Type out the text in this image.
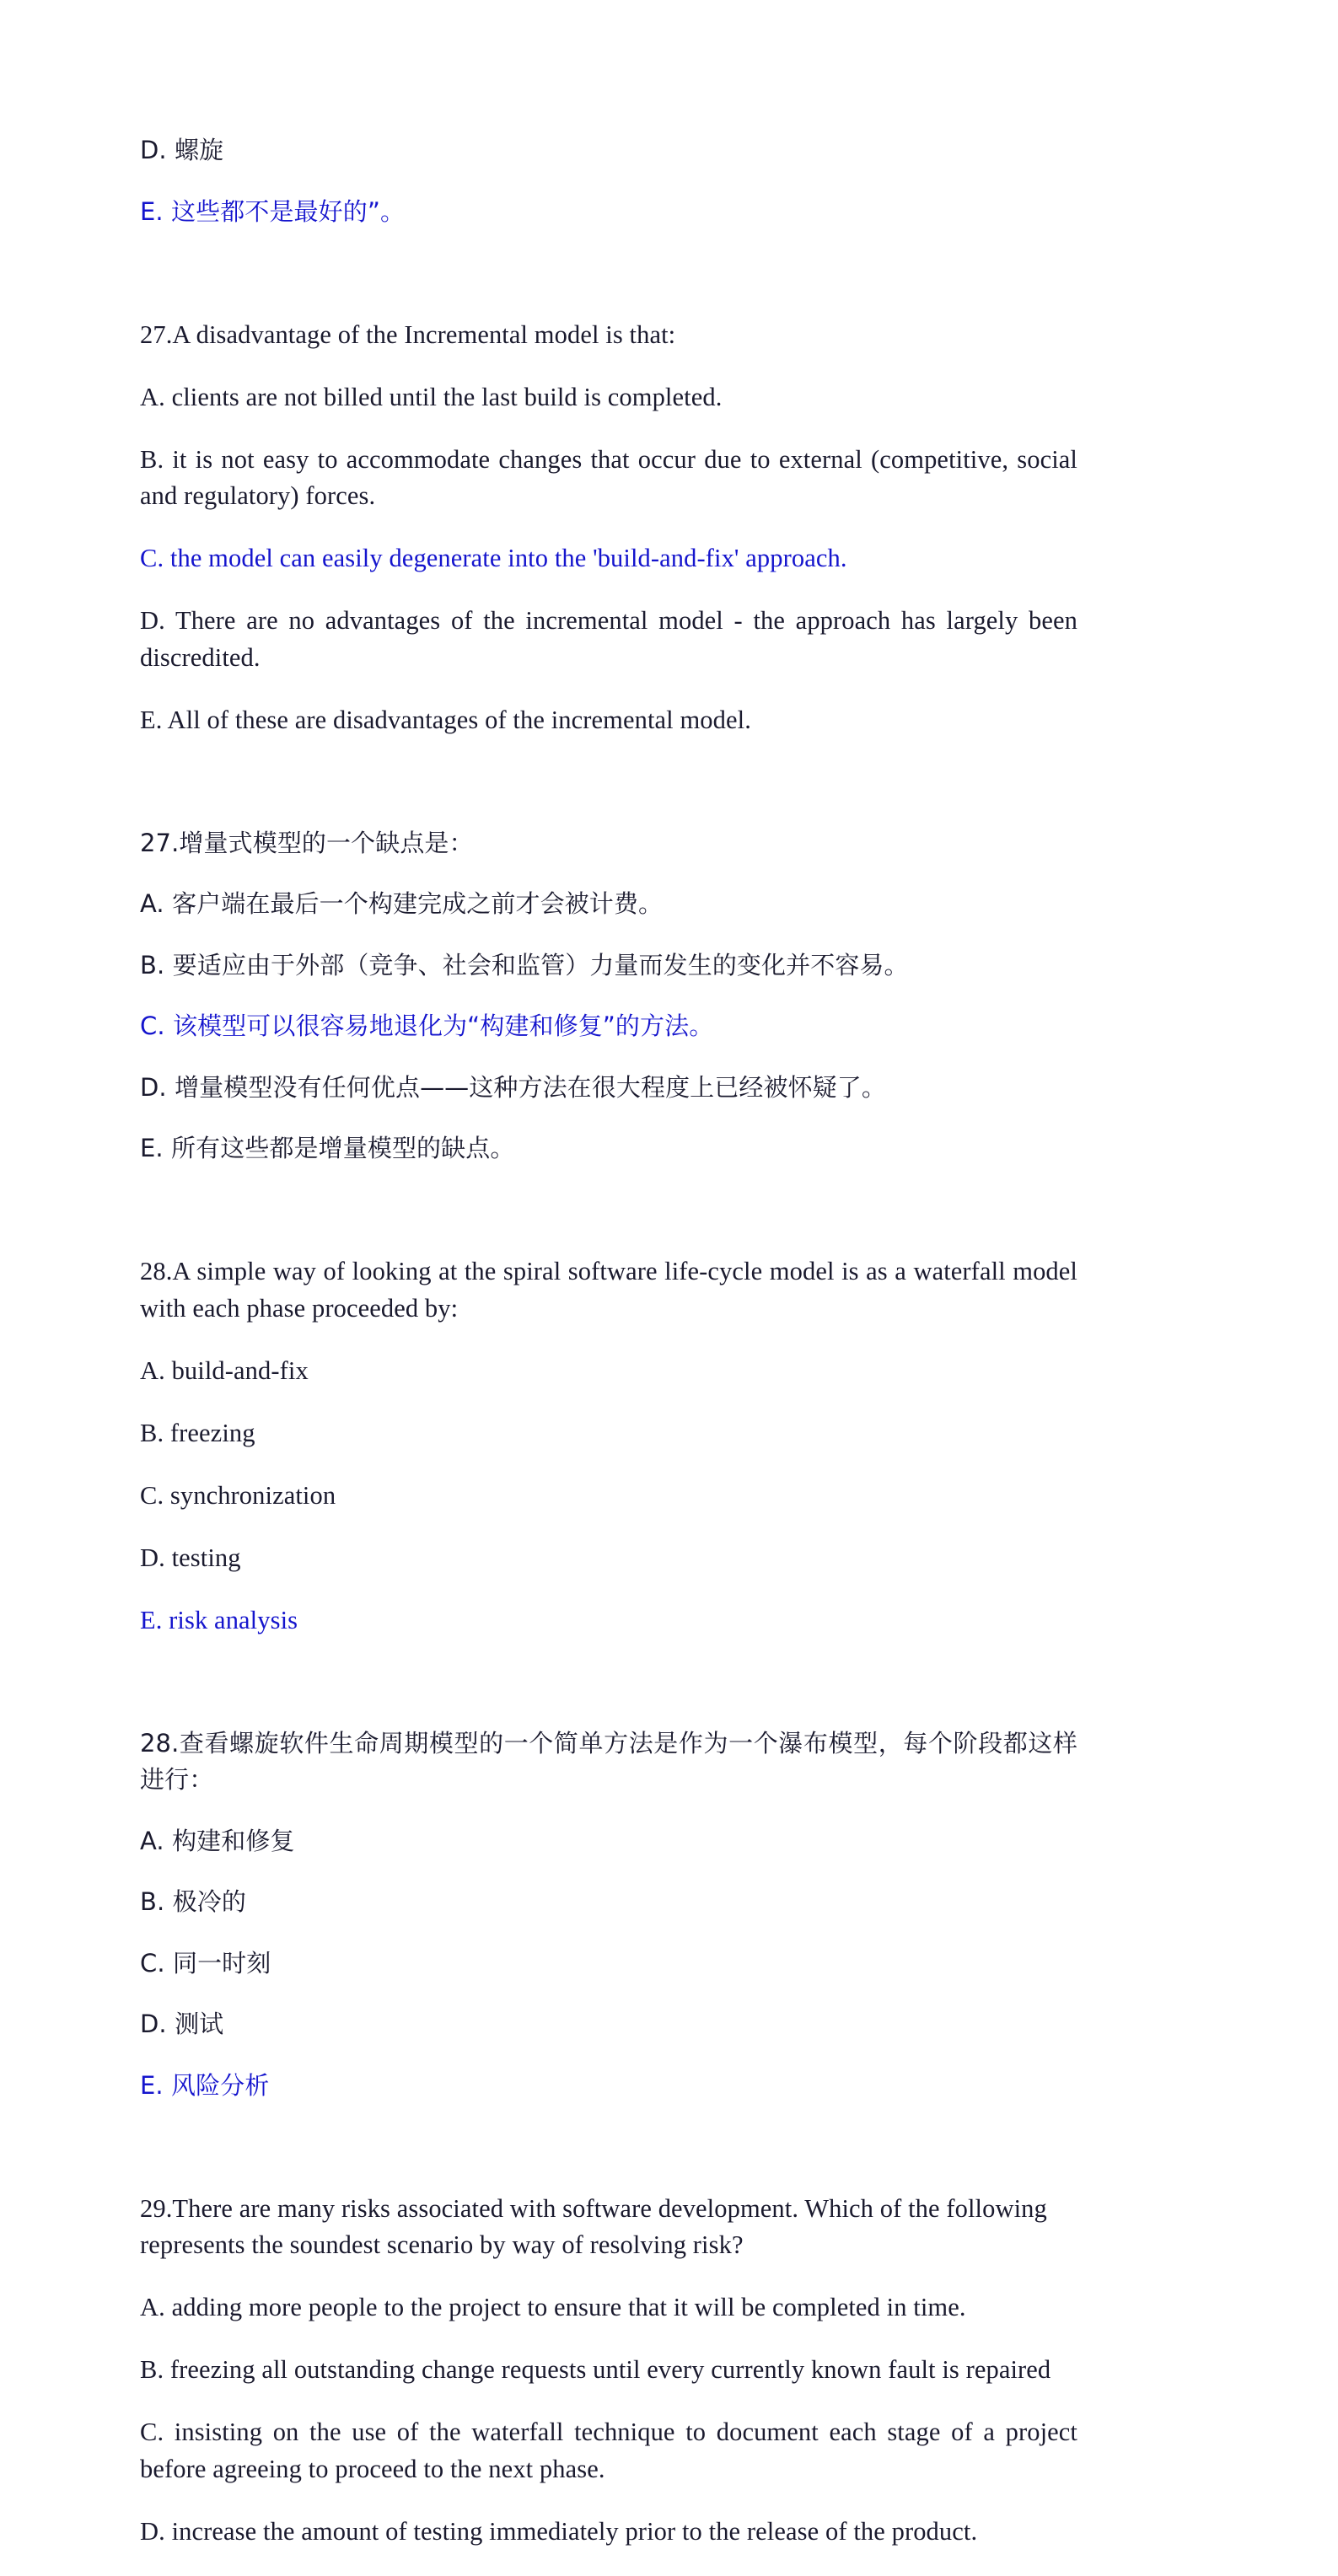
D. 螺旋

E. 这些都不是最好的”。

27.A disadvantage of the Incremental model is that:

A. clients are not billed until the last build is completed.

B. it is not easy to accommodate changes that occur due to external (competitive, social and regulatory) forces.

C. the model can easily degenerate into the 'build-and-fix' approach.

D. There are no advantages of the incremental model - the approach has largely been discredited.

E. All of these are disadvantages of the incremental model.

27.增量式模型的一个缺点是：

A. 客户端在最后一个构建完成之前才会被计费。

B. 要适应由于外部（竞争、社会和监管）力量而发生的变化并不容易。

C. 该模型可以很容易地退化为“构建和修复”的方法。

D. 增量模型没有任何优点——这种方法在很大程度上已经被怀疑了。

E. 所有这些都是增量模型的缺点。

28.A simple way of looking at the spiral software life-cycle model is as a waterfall model with each phase proceeded by:

A. build-and-fix

B. freezing

C. synchronization

D. testing

E. risk analysis

28.查看螺旋软件生命周期模型的一个简单方法是作为一个瀑布模型，每个阶段都这样进行：

A. 构建和修复

B. 极冷的

C. 同一时刻

D. 测试

E. 风险分析

29.There are many risks associated with software development. Which of the following represents the soundest scenario by way of resolving risk?

A. adding more people to the project to ensure that it will be completed in time.

B. freezing all outstanding change requests until every currently known fault is repaired

C. insisting on the use of the waterfall technique to document each stage of a project before agreeing to proceed to the next phase.

D. increase the amount of testing immediately prior to the release of the product.
